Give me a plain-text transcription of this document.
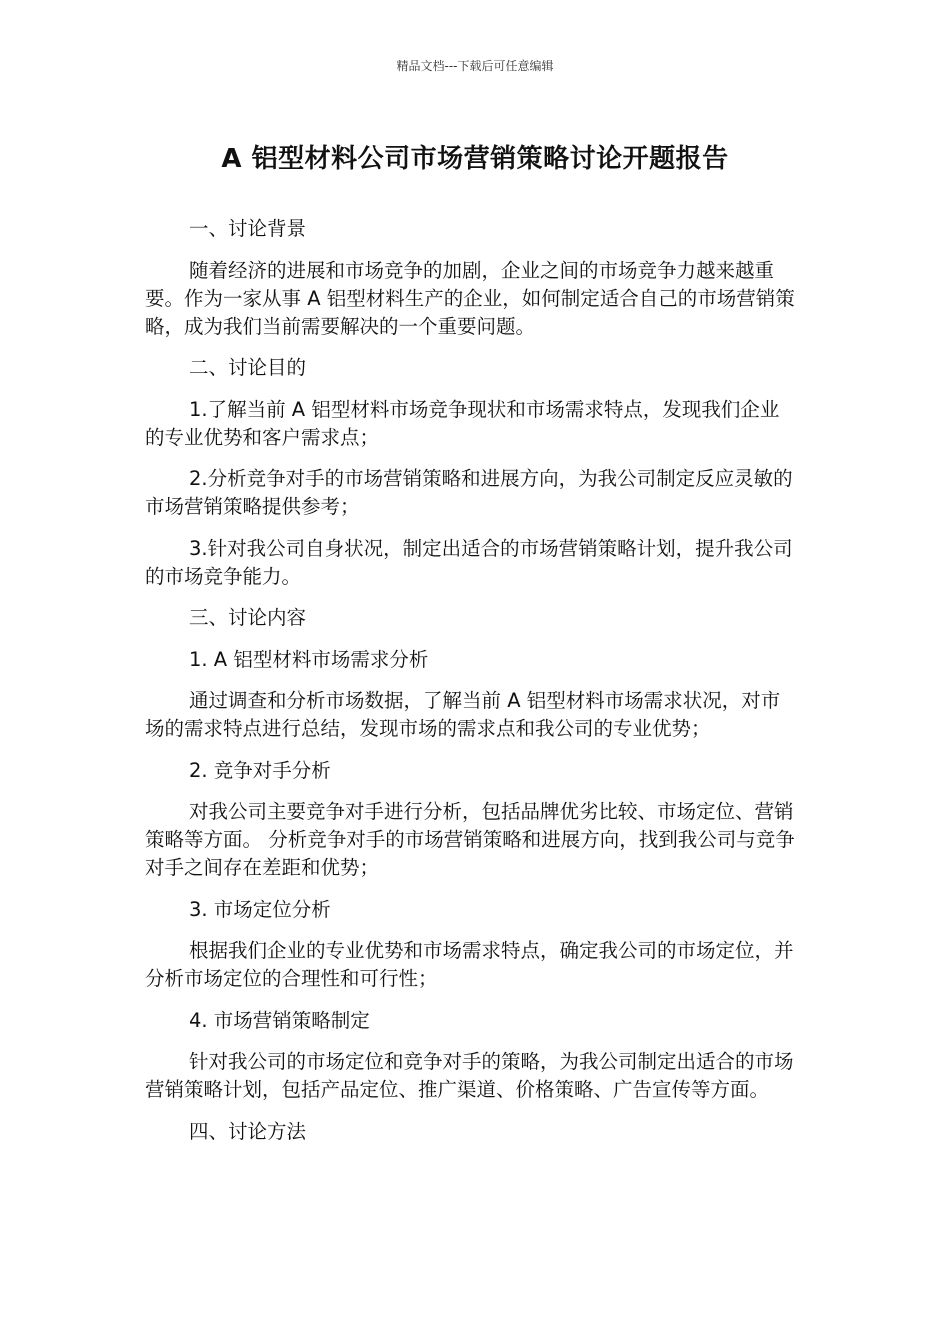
精品文档---下载后可任意编辑
A 铝型材料公司市场营销策略讨论开题报告

一、讨论背景

随着经济的进展和市场竞争的加剧，企业之间的市场竞争力越来越重要。作为一家从事 A 铝型材料生产的企业，如何制定适合自己的市场营销策略，成为我们当前需要解决的一个重要问题。

二、讨论目的

1.了解当前 A 铝型材料市场竞争现状和市场需求特点，发现我们企业的专业优势和客户需求点；

2.分析竞争对手的市场营销策略和进展方向，为我公司制定反应灵敏的市场营销策略提供参考；

3.针对我公司自身状况，制定出适合的市场营销策略计划，提升我公司的市场竞争能力。

三、讨论内容

1. A 铝型材料市场需求分析

通过调查和分析市场数据，了解当前 A 铝型材料市场需求状况，对市场的需求特点进行总结，发现市场的需求点和我公司的专业优势；

2. 竞争对手分析

对我公司主要竞争对手进行分析，包括品牌优劣比较、市场定位、营销策略等方面。 分析竞争对手的市场营销策略和进展方向，找到我公司与竞争对手之间存在差距和优势；

3. 市场定位分析

根据我们企业的专业优势和市场需求特点，确定我公司的市场定位，并分析市场定位的合理性和可行性；

4. 市场营销策略制定

针对我公司的市场定位和竞争对手的策略，为我公司制定出适合的市场营销策略计划，包括产品定位、推广渠道、价格策略、广告宣传等方面。

四、讨论方法
